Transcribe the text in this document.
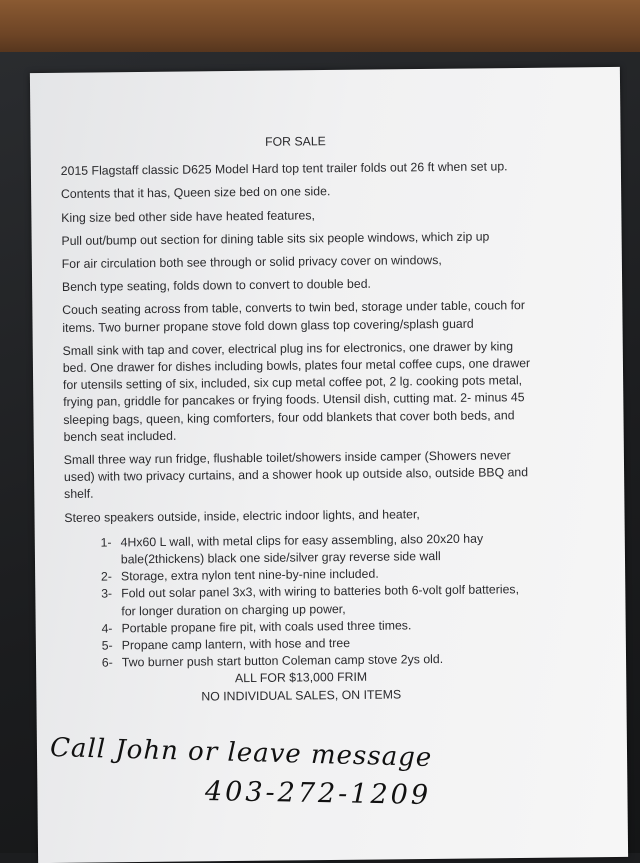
FOR SALE

2015 Flagstaff classic D625 Model Hard top tent trailer folds out 26 ft when set up.

Contents that it has, Queen size bed on one side.

King size bed other side have heated features,

Pull out/bump out section for dining table sits six people windows, which zip up

For air circulation both see through or solid privacy cover on windows,

Bench type seating, folds down to convert to double bed.

Couch seating across from table, converts to twin bed, storage under table, couch for items. Two burner propane stove fold down glass top covering/splash guard

Small sink with tap and cover, electrical plug ins for electronics, one drawer by king bed. One drawer for dishes including bowls, plates four metal coffee cups, one drawer for utensils setting of six, included, six cup metal coffee pot, 2 lg. cooking pots metal, frying pan, griddle for pancakes or frying foods. Utensil dish, cutting mat. 2- minus 45 sleeping bags, queen, king comforters, four odd blankets that cover both beds, and bench seat included.

Small three way run fridge, flushable toilet/showers inside camper (Showers never used) with two privacy curtains, and a shower hook up outside also, outside BBQ and shelf.

Stereo speakers outside, inside, electric indoor lights, and heater,

1- 4Hx60 L wall, with metal clips for easy assembling, also 20x20 hay bale(2thickens) black one side/silver gray reverse side wall
2- Storage, extra nylon tent nine-by-nine included.
3- Fold out solar panel 3x3, with wiring to batteries both 6-volt golf batteries, for longer duration on charging up power,
4- Portable propane fire pit, with coals used three times.
5- Propane camp lantern, with hose and tree
6- Two burner push start button Coleman camp stove 2ys old.
ALL FOR $13,000 FRIM
NO INDIVIDUAL SALES, ON ITEMS
Call John or leave message
403-272-1209
